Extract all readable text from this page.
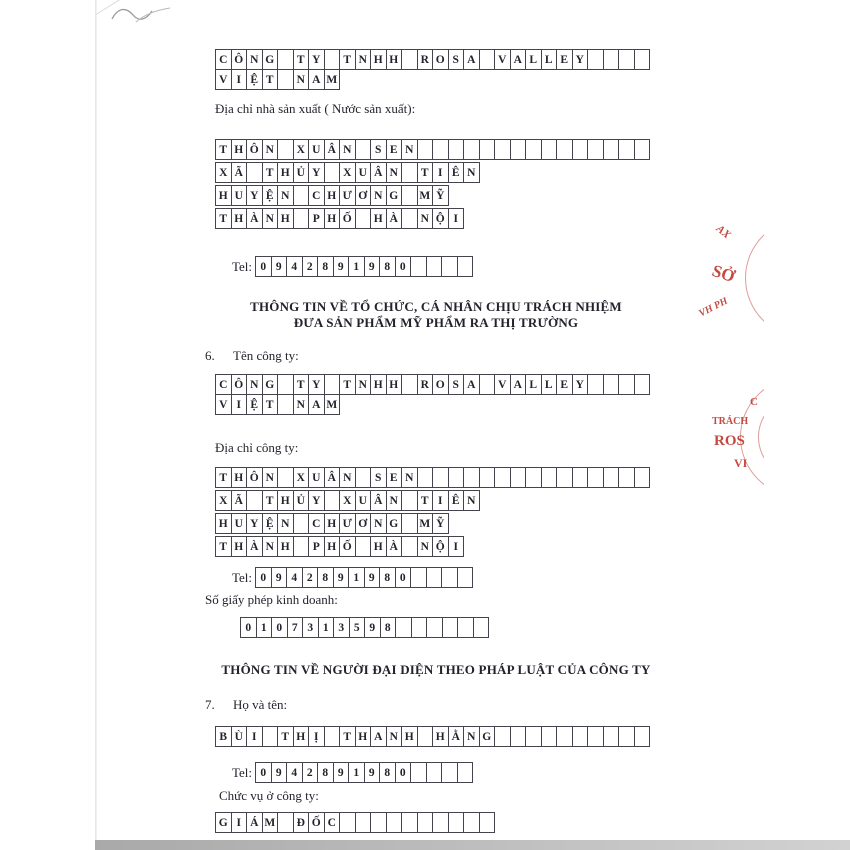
C Ô N G	T Y	T N H H	R O S A	V A L L E Y
V I Ệ T	N A M
Địa chỉ nhà sản xuất ( Nước sản xuất):
T H Ô N	X U Â N	S E N
X Ã	T H Ủ Y	X U Â N	T I Ê N
H U Y Ệ N	C H Ư Ơ N G	M Ỹ
T H À N H	P H Ố	H À	N Ộ I
Tel: 0 9 4 2 8 9 1 9 8 0
THÔNG TIN VỀ TỔ CHỨC, CÁ NHÂN CHỊU TRÁCH NHIỆM
ĐƯA SẢN PHẨM MỸ PHẨM RA THỊ TRƯỜNG
6. Tên công ty:
C Ô N G	T Y	T N H H	R O S A	V A L L E Y
V I Ệ T	N A M
Địa chỉ công ty:
T H Ô N	X U Â N	S E N
X Ã	T H Ủ Y	X U Â N	T I Ê N
H U Y Ệ N	C H Ư Ơ N G	M Ỹ
T H À N H	P H Ố	H À	N Ộ I
Tel: 0 9 4 2 8 9 1 9 8 0
Số giấy phép kinh doanh:
0 1 0 7 3 1 3 5 9 8
THÔNG TIN VỀ NGƯỜI ĐẠI DIỆN THEO PHÁP LUẬT CỦA CÔNG TY
7. Họ và tên:
B Ù I	T H Ị	T H A N H	H Ằ N G
Tel: 0 9 4 2 8 9 1 9 8 0
Chức vụ ở công ty:
G I Á M	Đ Ố C
AX
SỞ
VH PH
C
TRÁCH
ROS
VI
